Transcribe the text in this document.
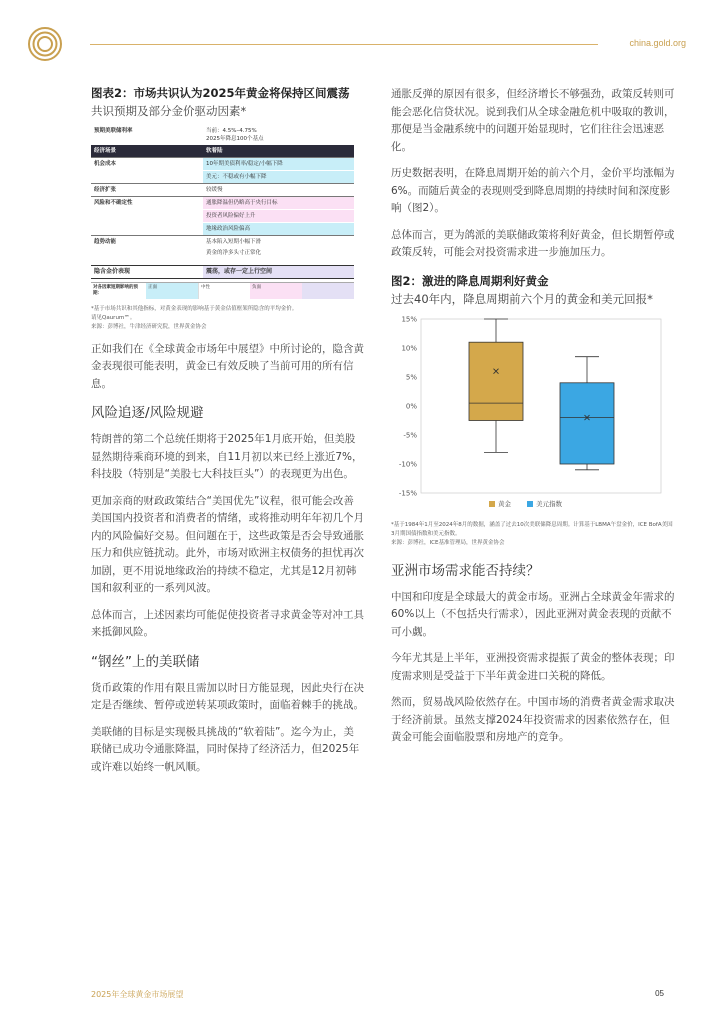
china.gold.org
图表2：市场共识认为2025年黄金将保持区间震荡
共识预期及部分金价驱动因素*
预期美联储利率	当前：4.5%–4.75%
2025年降息100个基点

经济场景	软着陆
机会成本	10年期美债利率/稳定/小幅下降
美元：不稳或有小幅下降

经济扩张	较缓慢
风险和不确定性	通胀降温但仍略高于央行目标
投资者风险偏好上升
地缘政治风险偏高

趋势动能	基本陷入短期小幅下滑
黄金的净多头寸正常化

隐含金价表现	震荡，或存一定上行空间
对各因素短期影响的预期：
正面	中性	负面
*基于市场共识和其他指标，对黄金表现的影响基于黄金估值框架所隐含的平均金价。
请见Qaurum℠。
来源：彭博社，牛津经济研究院，世界黄金协会
正如我们在《全球黄金市场年中展望》中所讨论的，隐含黄金表现很可能表明，黄金已有效反映了当前可用的所有信息。
风险追逐/风险规避
特朗普的第二个总统任期将于2025年1月底开始，但美股显然期待乘商环境的到来，自11月初以来已经上涨近7%，科技股（特别是“美股七大科技巨头”）的表现更为出色。
更加亲商的财政政策结合“美国优先”议程，很可能会改善美国国内投资者和消费者的情绪，或将推动明年年初几个月内的风险偏好交易。但问题在于，这些政策是否会导致通胀压力和供应链扰动。此外，市场对欧洲主权债务的担忧再次加剧，更不用说地缘政治的持续不稳定，尤其是12月初韩国和叙利亚的一系列风波。
总体而言，上述因素均可能促使投资者寻求黄金等对冲工具来抵御风险。
“钢丝”上的美联储
货币政策的作用有限且需加以时日方能显现，因此央行在决定是否继续、暂停或逆转某项政策时，面临着棘手的挑战。
美联储的目标是实现极具挑战的“软着陆”。迄今为止，美联储已成功令通胀降温，同时保持了经济活力，但2025年或许难以始终一帆风顺。
通胀反弹的原因有很多，但经济增长不够强劲，政策反转则可能会恶化信贷状况。说到我们从全球金融危机中吸取的教训，那便是当金融系统中的问题开始显现时，它们往往会迅速恶化。
历史数据表明，在降息周期开始的前六个月，金价平均涨幅为6%。而随后黄金的表现则受到降息周期的持续时间和深度影响（图2）。
总体而言，更为鸽派的美联储政策将利好黄金，但长期暂停或政策反转，可能会对投资需求进一步施加压力。
图2：激进的降息周期利好黄金
过去40年内，降息周期前六个月的黄金和美元回报*
15%
10%
5%
0%
-5%
-10%
-15%
黄金	美元指数
*基于1984年1月至2024年8月的数据，涵盖了过去10次美联储降息周期。计算基于LBMA午盘金价，ICE BofA美国3月期国债指数和美元指数。
来源：彭博社，ICE基准管理局，世界黄金协会
亚洲市场需求能否持续？
中国和印度是全球最大的黄金市场。亚洲占全球黄金年需求的60%以上（不包括央行需求），因此亚洲对黄金表现的贡献不可小觑。
今年尤其是上半年，亚洲投资需求提振了黄金的整体表现；印度需求则是受益于下半年黄金进口关税的降低。
然而，贸易战风险依然存在。中国市场的消费者黄金需求取决于经济前景。虽然支撑2024年投资需求的因素依然存在，但黄金可能会面临股票和房地产的竞争。
2025年全球黄金市场展望	05
